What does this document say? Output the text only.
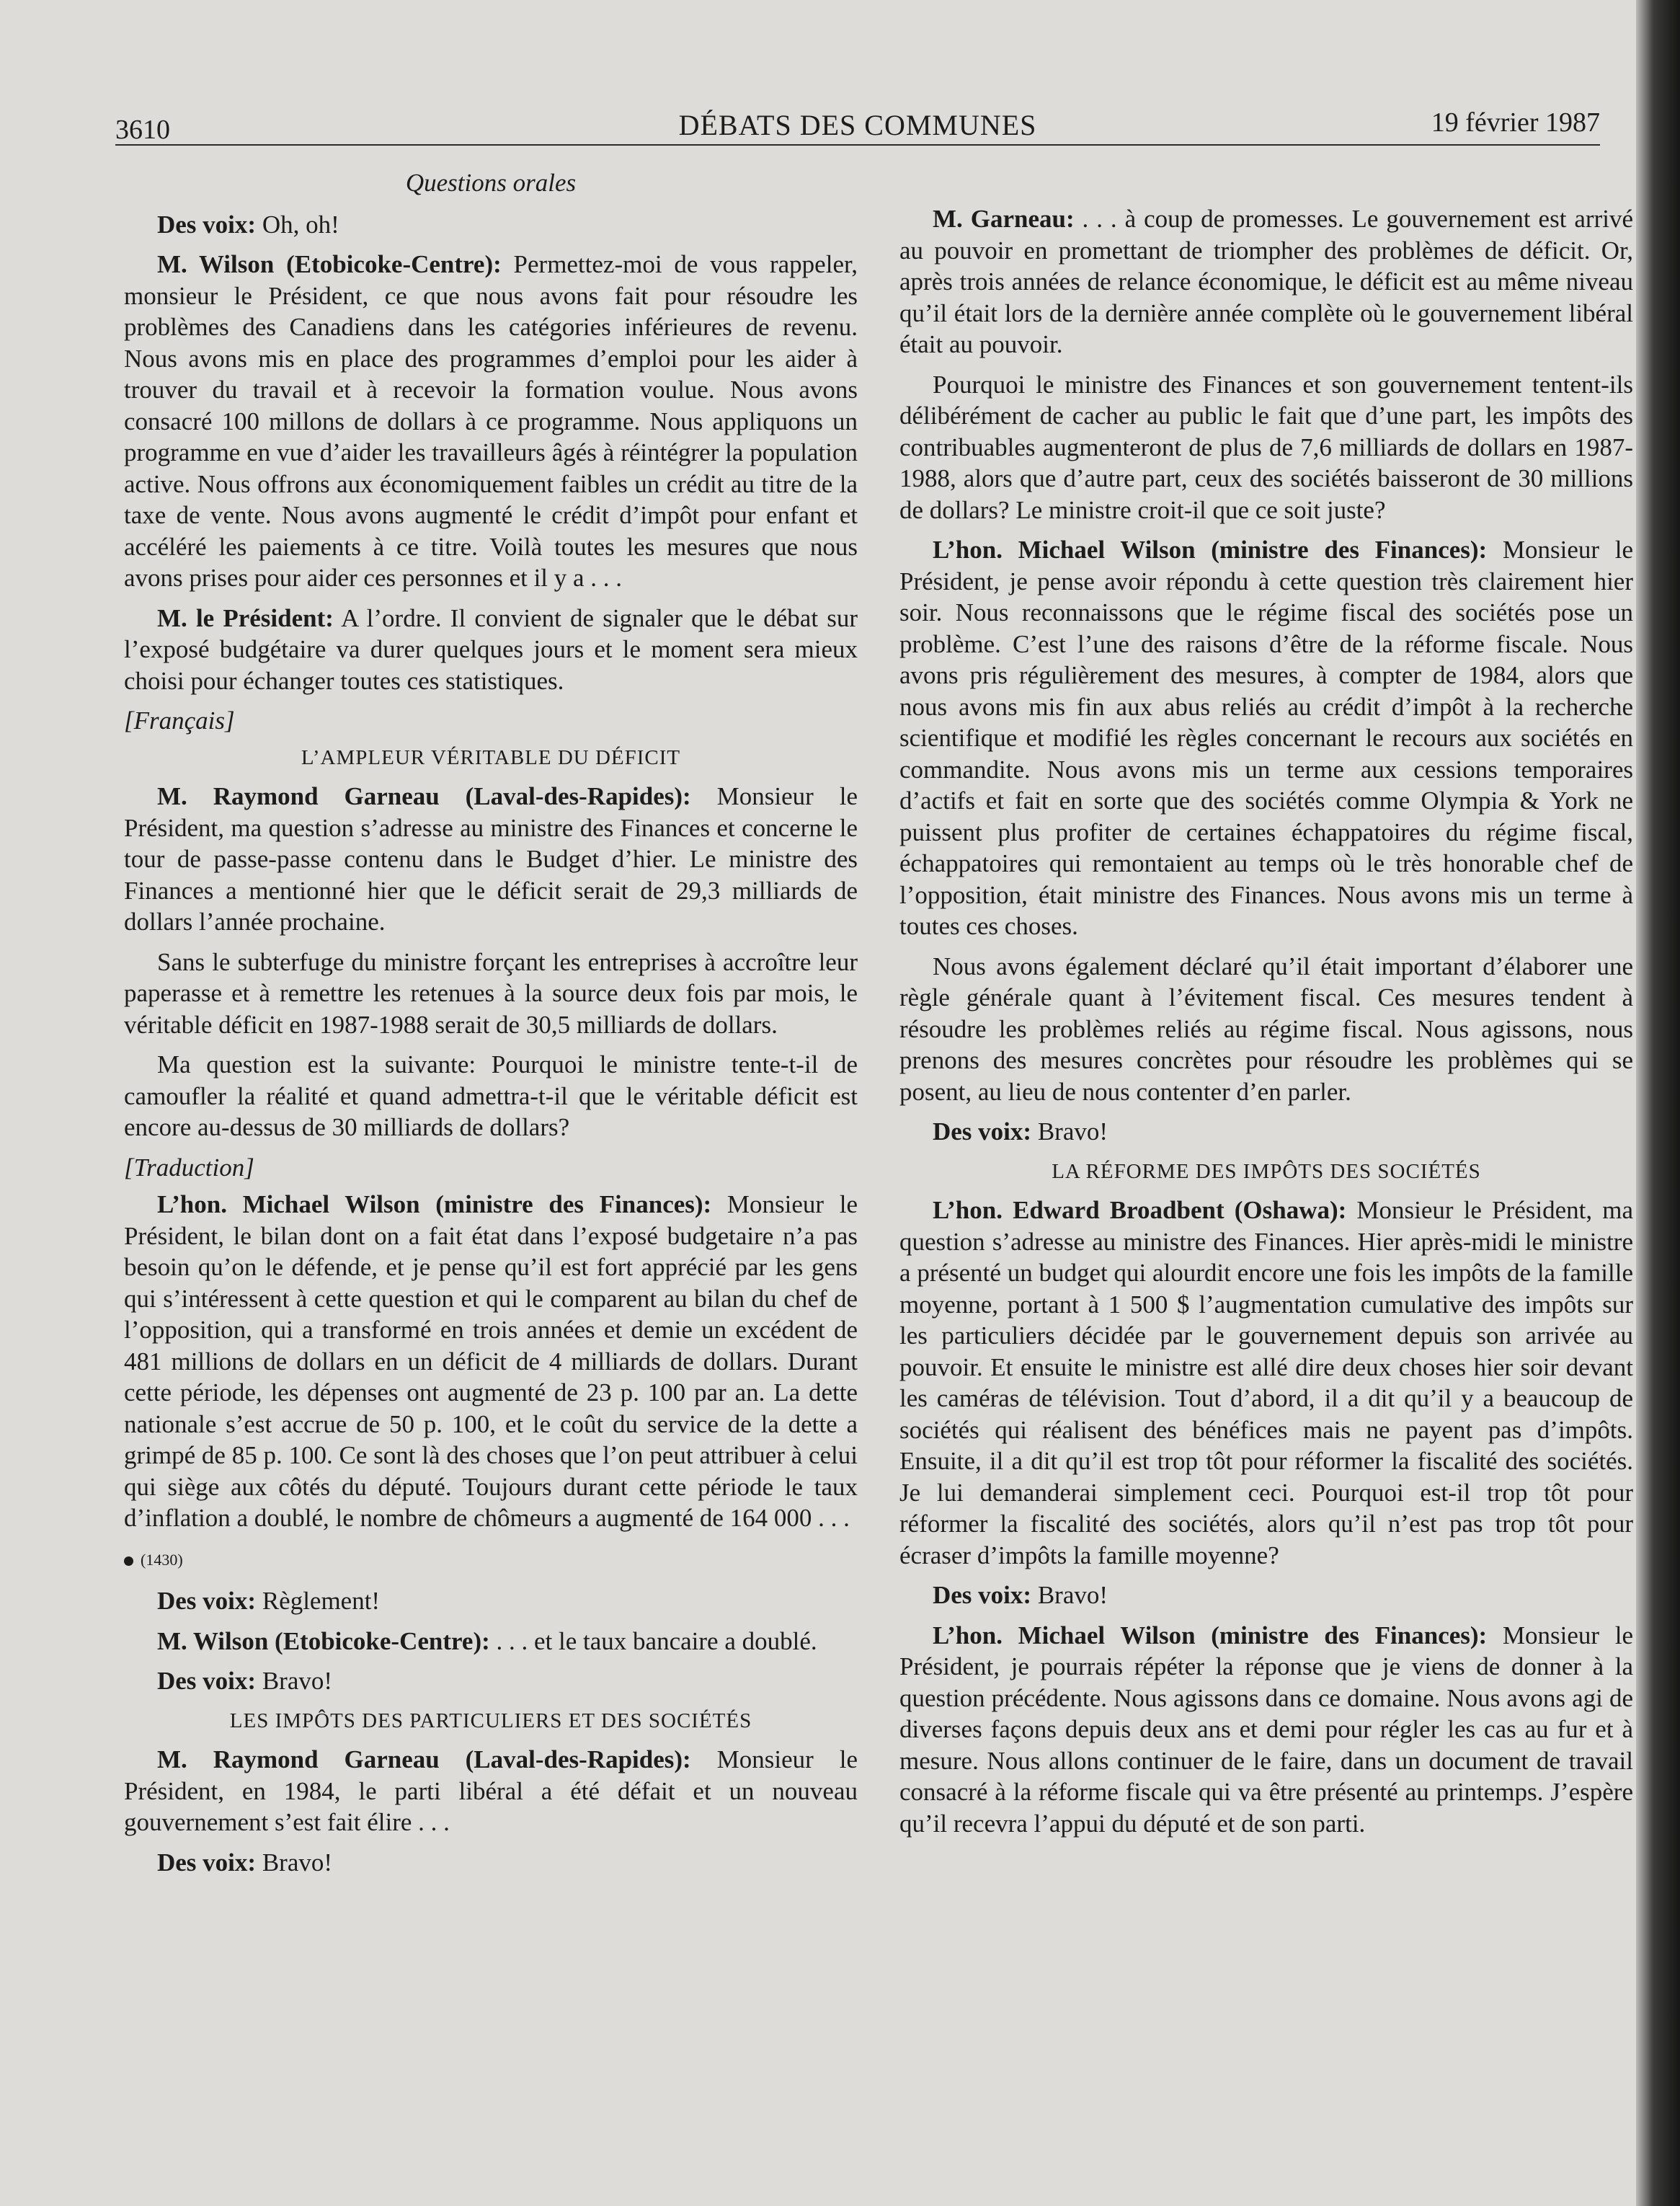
3610	DÉBATS DES COMMUNES	19 février 1987
Questions orales

Des voix: Oh, oh!

M. Wilson (Etobicoke-Centre): Permettez-moi de vous rappeler, monsieur le Président, ce que nous avons fait pour résoudre les problèmes des Canadiens dans les catégories inférieures de revenu. Nous avons mis en place des programmes d’emploi pour les aider à trouver du travail et à recevoir la formation voulue. Nous avons consacré 100 millons de dollars à ce programme. Nous appliquons un programme en vue d’aider les travailleurs âgés à réintégrer la population active. Nous offrons aux économiquement faibles un crédit au titre de la taxe de vente. Nous avons augmenté le crédit d’impôt pour enfant et accéléré les paiements à ce titre. Voilà toutes les mesures que nous avons prises pour aider ces personnes et il y a . . .

M. le Président: A l’ordre. Il convient de signaler que le débat sur l’exposé budgétaire va durer quelques jours et le moment sera mieux choisi pour échanger toutes ces statistiques.

[Français]
L’AMPLEUR VÉRITABLE DU DÉFICIT

M. Raymond Garneau (Laval-des-Rapides): Monsieur le Président, ma question s’adresse au ministre des Finances et concerne le tour de passe-passe contenu dans le Budget d’hier. Le ministre des Finances a mentionné hier que le déficit serait de 29,3 milliards de dollars l’année prochaine.

Sans le subterfuge du ministre forçant les entreprises à accroître leur paperasse et à remettre les retenues à la source deux fois par mois, le véritable déficit en 1987-1988 serait de 30,5 milliards de dollars.

Ma question est la suivante: Pourquoi le ministre tente-t-il de camoufler la réalité et quand admettra-t-il que le véritable déficit est encore au-dessus de 30 milliards de dollars?

[Traduction]

L’hon. Michael Wilson (ministre des Finances): Monsieur le Président, le bilan dont on a fait état dans l’exposé budgetaire n’a pas besoin qu’on le défende, et je pense qu’il est fort apprécié par les gens qui s’intéressent à cette question et qui le comparent au bilan du chef de l’opposition, qui a transformé en trois années et demie un excédent de 481 millions de dollars en un déficit de 4 milliards de dollars. Durant cette période, les dépenses ont augmenté de 23 p. 100 par an. La dette nationale s’est accrue de 50 p. 100, et le coût du service de la dette a grimpé de 85 p. 100. Ce sont là des choses que l’on peut attribuer à celui qui siège aux côtés du député. Toujours durant cette période le taux d’inflation a doublé, le nombre de chômeurs a augmenté de 164 000 . . .

(1430)

Des voix: Règlement!

M. Wilson (Etobicoke-Centre): . . . et le taux bancaire a doublé.

Des voix: Bravo!

LES IMPÔTS DES PARTICULIERS ET DES SOCIÉTÉS

M. Raymond Garneau (Laval-des-Rapides): Monsieur le Président, en 1984, le parti libéral a été défait et un nouveau gouvernement s’est fait élire . . .

Des voix: Bravo!

M. Garneau: . . . à coup de promesses. Le gouvernement est arrivé au pouvoir en promettant de triompher des problèmes de déficit. Or, après trois années de relance économique, le déficit est au même niveau qu’il était lors de la dernière année complète où le gouvernement libéral était au pouvoir.

Pourquoi le ministre des Finances et son gouvernement tentent-ils délibérément de cacher au public le fait que d’une part, les impôts des contribuables augmenteront de plus de 7,6 milliards de dollars en 1987-1988, alors que d’autre part, ceux des sociétés baisseront de 30 millions de dollars? Le ministre croit-il que ce soit juste?

L’hon. Michael Wilson (ministre des Finances): Monsieur le Président, je pense avoir répondu à cette question très clairement hier soir. Nous reconnaissons que le régime fiscal des sociétés pose un problème. C’est l’une des raisons d’être de la réforme fiscale. Nous avons pris régulièrement des mesures, à compter de 1984, alors que nous avons mis fin aux abus reliés au crédit d’impôt à la recherche scientifique et modifié les règles concernant le recours aux sociétés en commandite. Nous avons mis un terme aux cessions temporaires d’actifs et fait en sorte que des sociétés comme Olympia & York ne puissent plus profiter de certaines échappatoires du régime fiscal, échappatoires qui remontaient au temps où le très honorable chef de l’opposition, était ministre des Finances. Nous avons mis un terme à toutes ces choses.

Nous avons également déclaré qu’il était important d’élaborer une règle générale quant à l’évitement fiscal. Ces mesures tendent à résoudre les problèmes reliés au régime fiscal. Nous agissons, nous prenons des mesures concrètes pour résoudre les problèmes qui se posent, au lieu de nous contenter d’en parler.

Des voix: Bravo!

LA RÉFORME DES IMPÔTS DES SOCIÉTÉS

L’hon. Edward Broadbent (Oshawa): Monsieur le Président, ma question s’adresse au ministre des Finances. Hier après-midi le ministre a présenté un budget qui alourdit encore une fois les impôts de la famille moyenne, portant à 1 500 $ l’augmentation cumulative des impôts sur les particuliers décidée par le gouvernement depuis son arrivée au pouvoir. Et ensuite le ministre est allé dire deux choses hier soir devant les caméras de télévision. Tout d’abord, il a dit qu’il y a beaucoup de sociétés qui réalisent des bénéfices mais ne payent pas d’impôts. Ensuite, il a dit qu’il est trop tôt pour réformer la fiscalité des sociétés. Je lui demanderai simplement ceci. Pourquoi est-il trop tôt pour réformer la fiscalité des sociétés, alors qu’il n’est pas trop tôt pour écraser d’impôts la famille moyenne?

Des voix: Bravo!

L’hon. Michael Wilson (ministre des Finances): Monsieur le Président, je pourrais répéter la réponse que je viens de donner à la question précédente. Nous agissons dans ce domaine. Nous avons agi de diverses façons depuis deux ans et demi pour régler les cas au fur et à mesure. Nous allons continuer de le faire, dans un document de travail consacré à la réforme fiscale qui va être présenté au printemps. J’espère qu’il recevra l’appui du député et de son parti.
